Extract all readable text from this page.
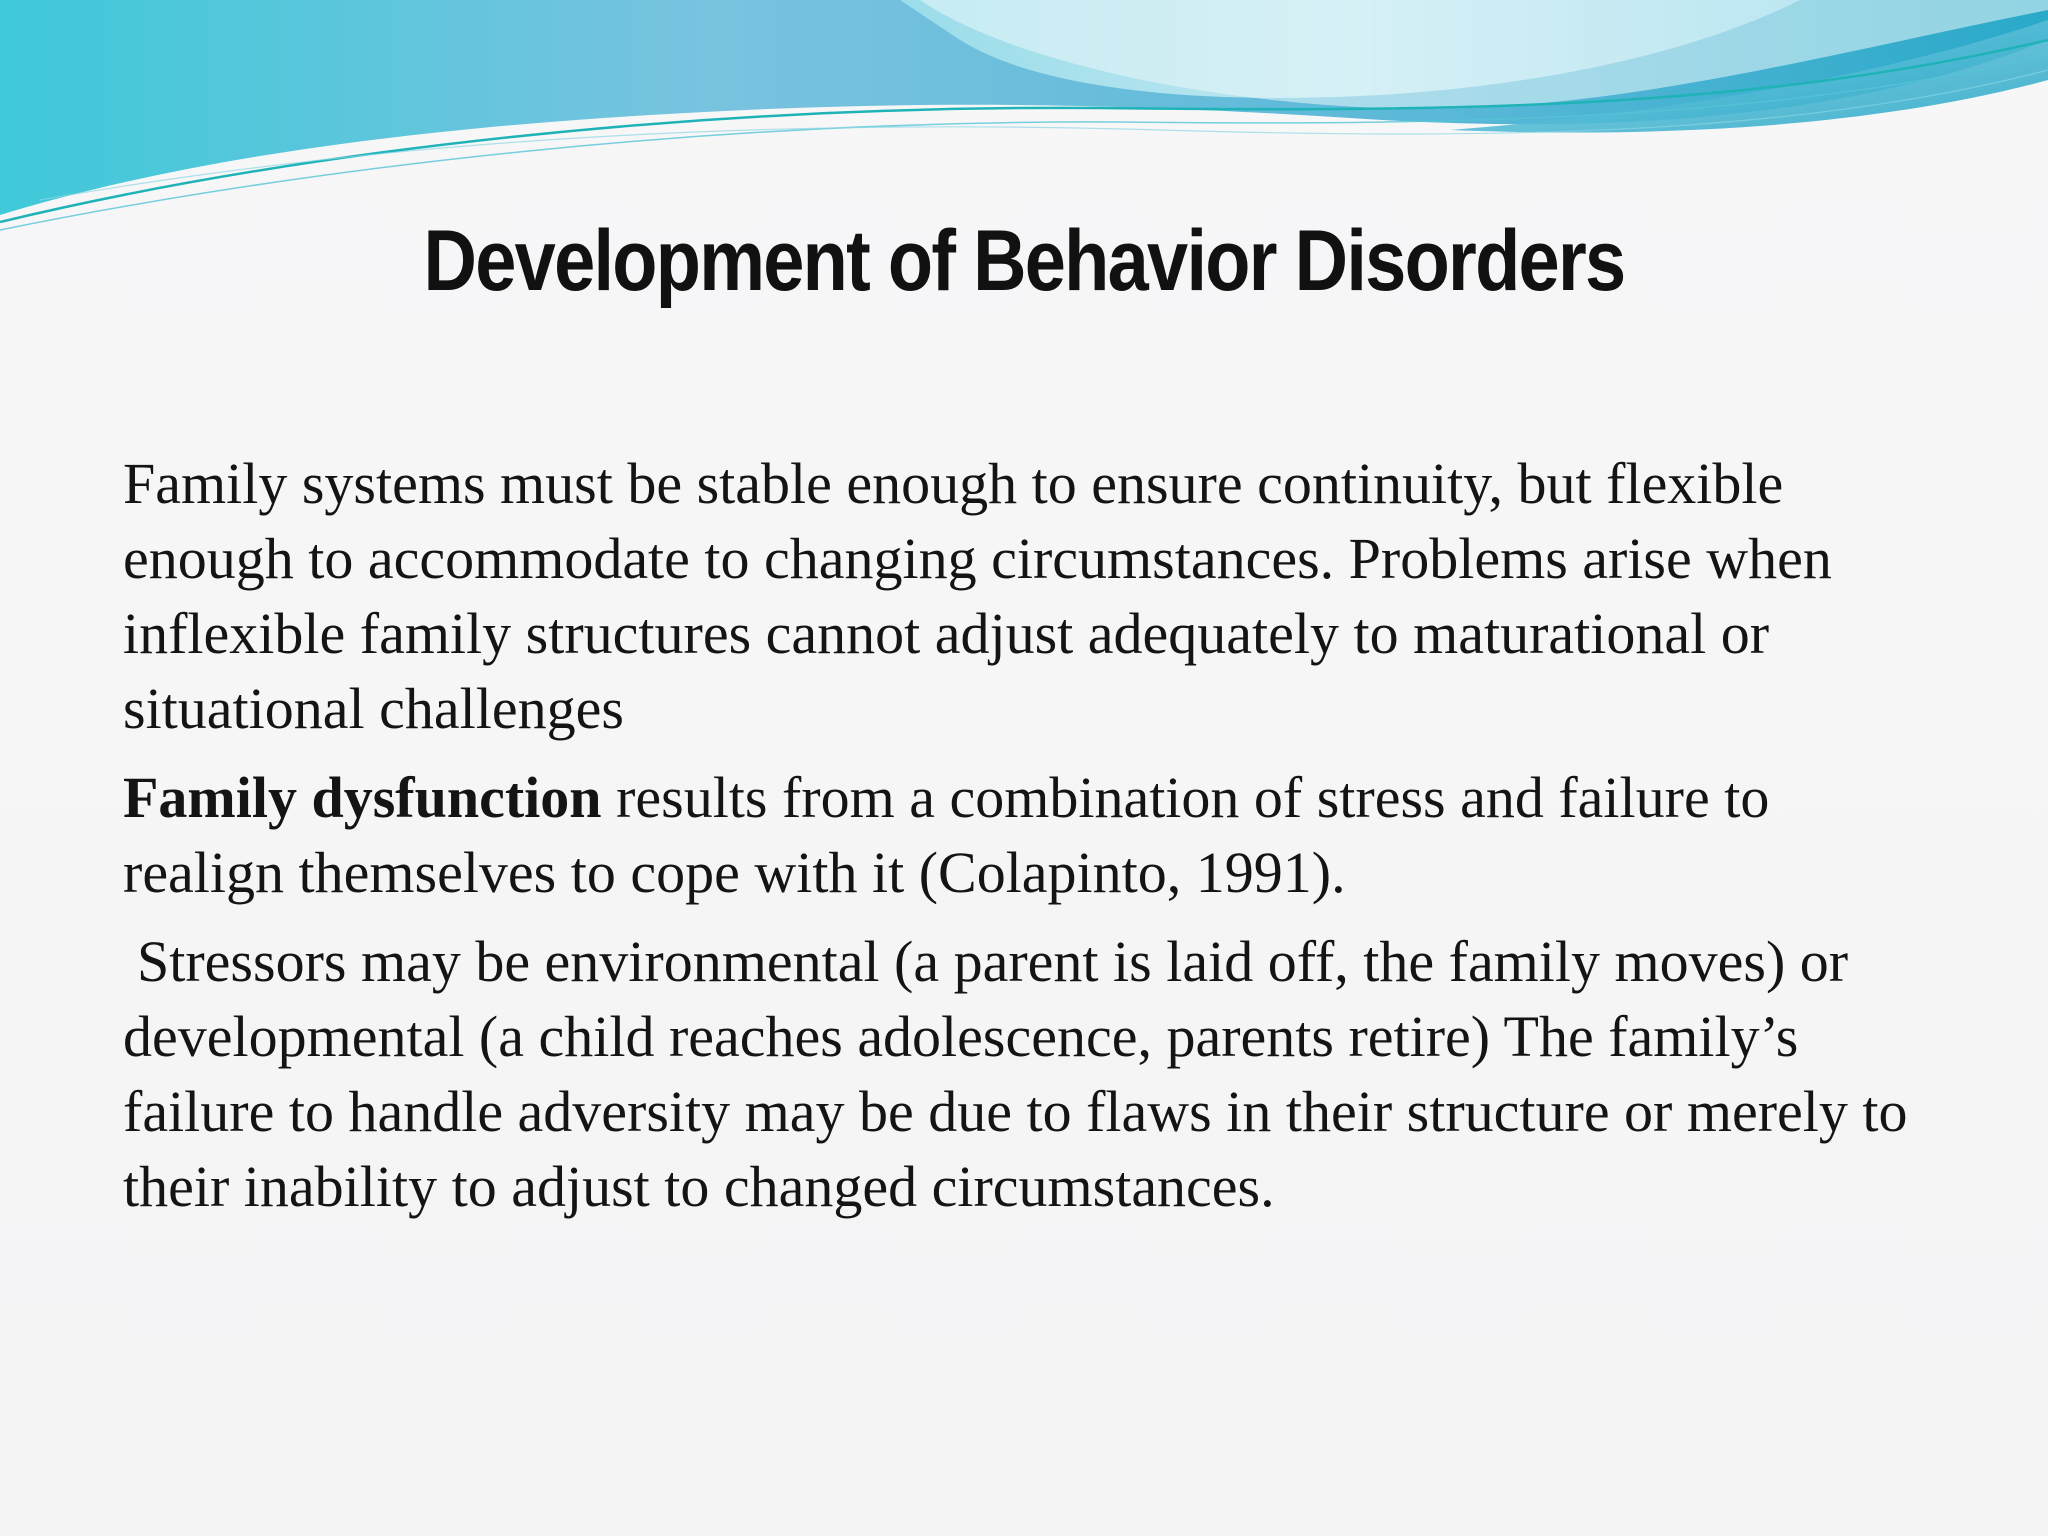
Development of Behavior Disorders

Family systems must be stable enough to ensure continuity, but flexible enough to accommodate to changing circumstances. Problems arise when inflexible family structures cannot adjust adequately to maturational or situational challenges

Family dysfunction results from a combination of stress and failure to realign themselves to cope with it (Colapinto, 1991).

Stressors may be environmental (a parent is laid off, the family moves) or developmental (a child reaches adolescence, parents retire) The family’s failure to handle adversity may be due to flaws in their structure or merely to their inability to adjust to changed circumstances.
